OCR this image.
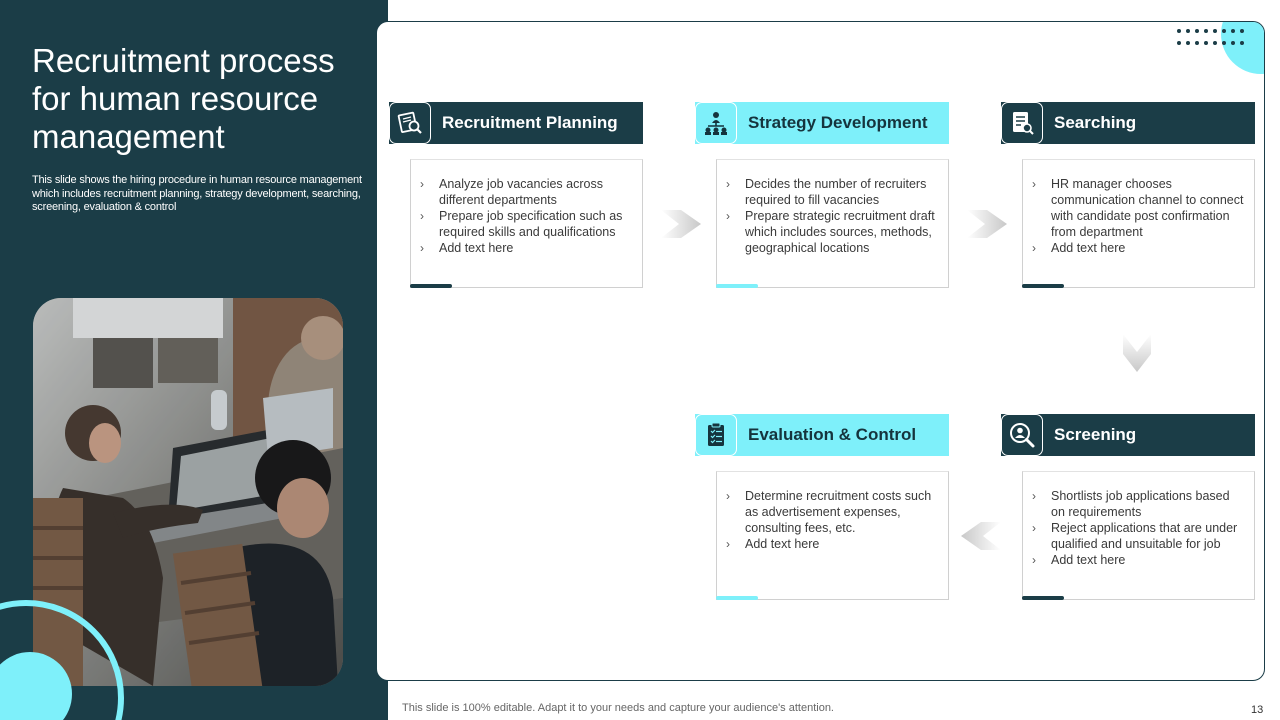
Recruitment process for human resource management

This slide shows the hiring procedure in human resource management which includes recruitment planning, strategy development, searching, screening, evaluation & control

Recruitment Planning
› Analyze job vacancies across different departments
› Prepare job specification such as required skills and qualifications
› Add text here
Strategy Development
› Decides the number of recruiters required to fill vacancies
› Prepare strategic recruitment draft which includes sources, methods, geographical locations
Searching
› HR manager chooses communication channel to connect with candidate post confirmation from department
› Add text here
Evaluation & Control
› Determine recruitment costs such as advertisement expenses, consulting fees, etc.
› Add text here
Screening
› Shortlists job applications based on requirements
› Reject applications that are under qualified and unsuitable for job
› Add text here
This slide is 100% editable. Adapt it to your needs and capture your audience's attention.	13
